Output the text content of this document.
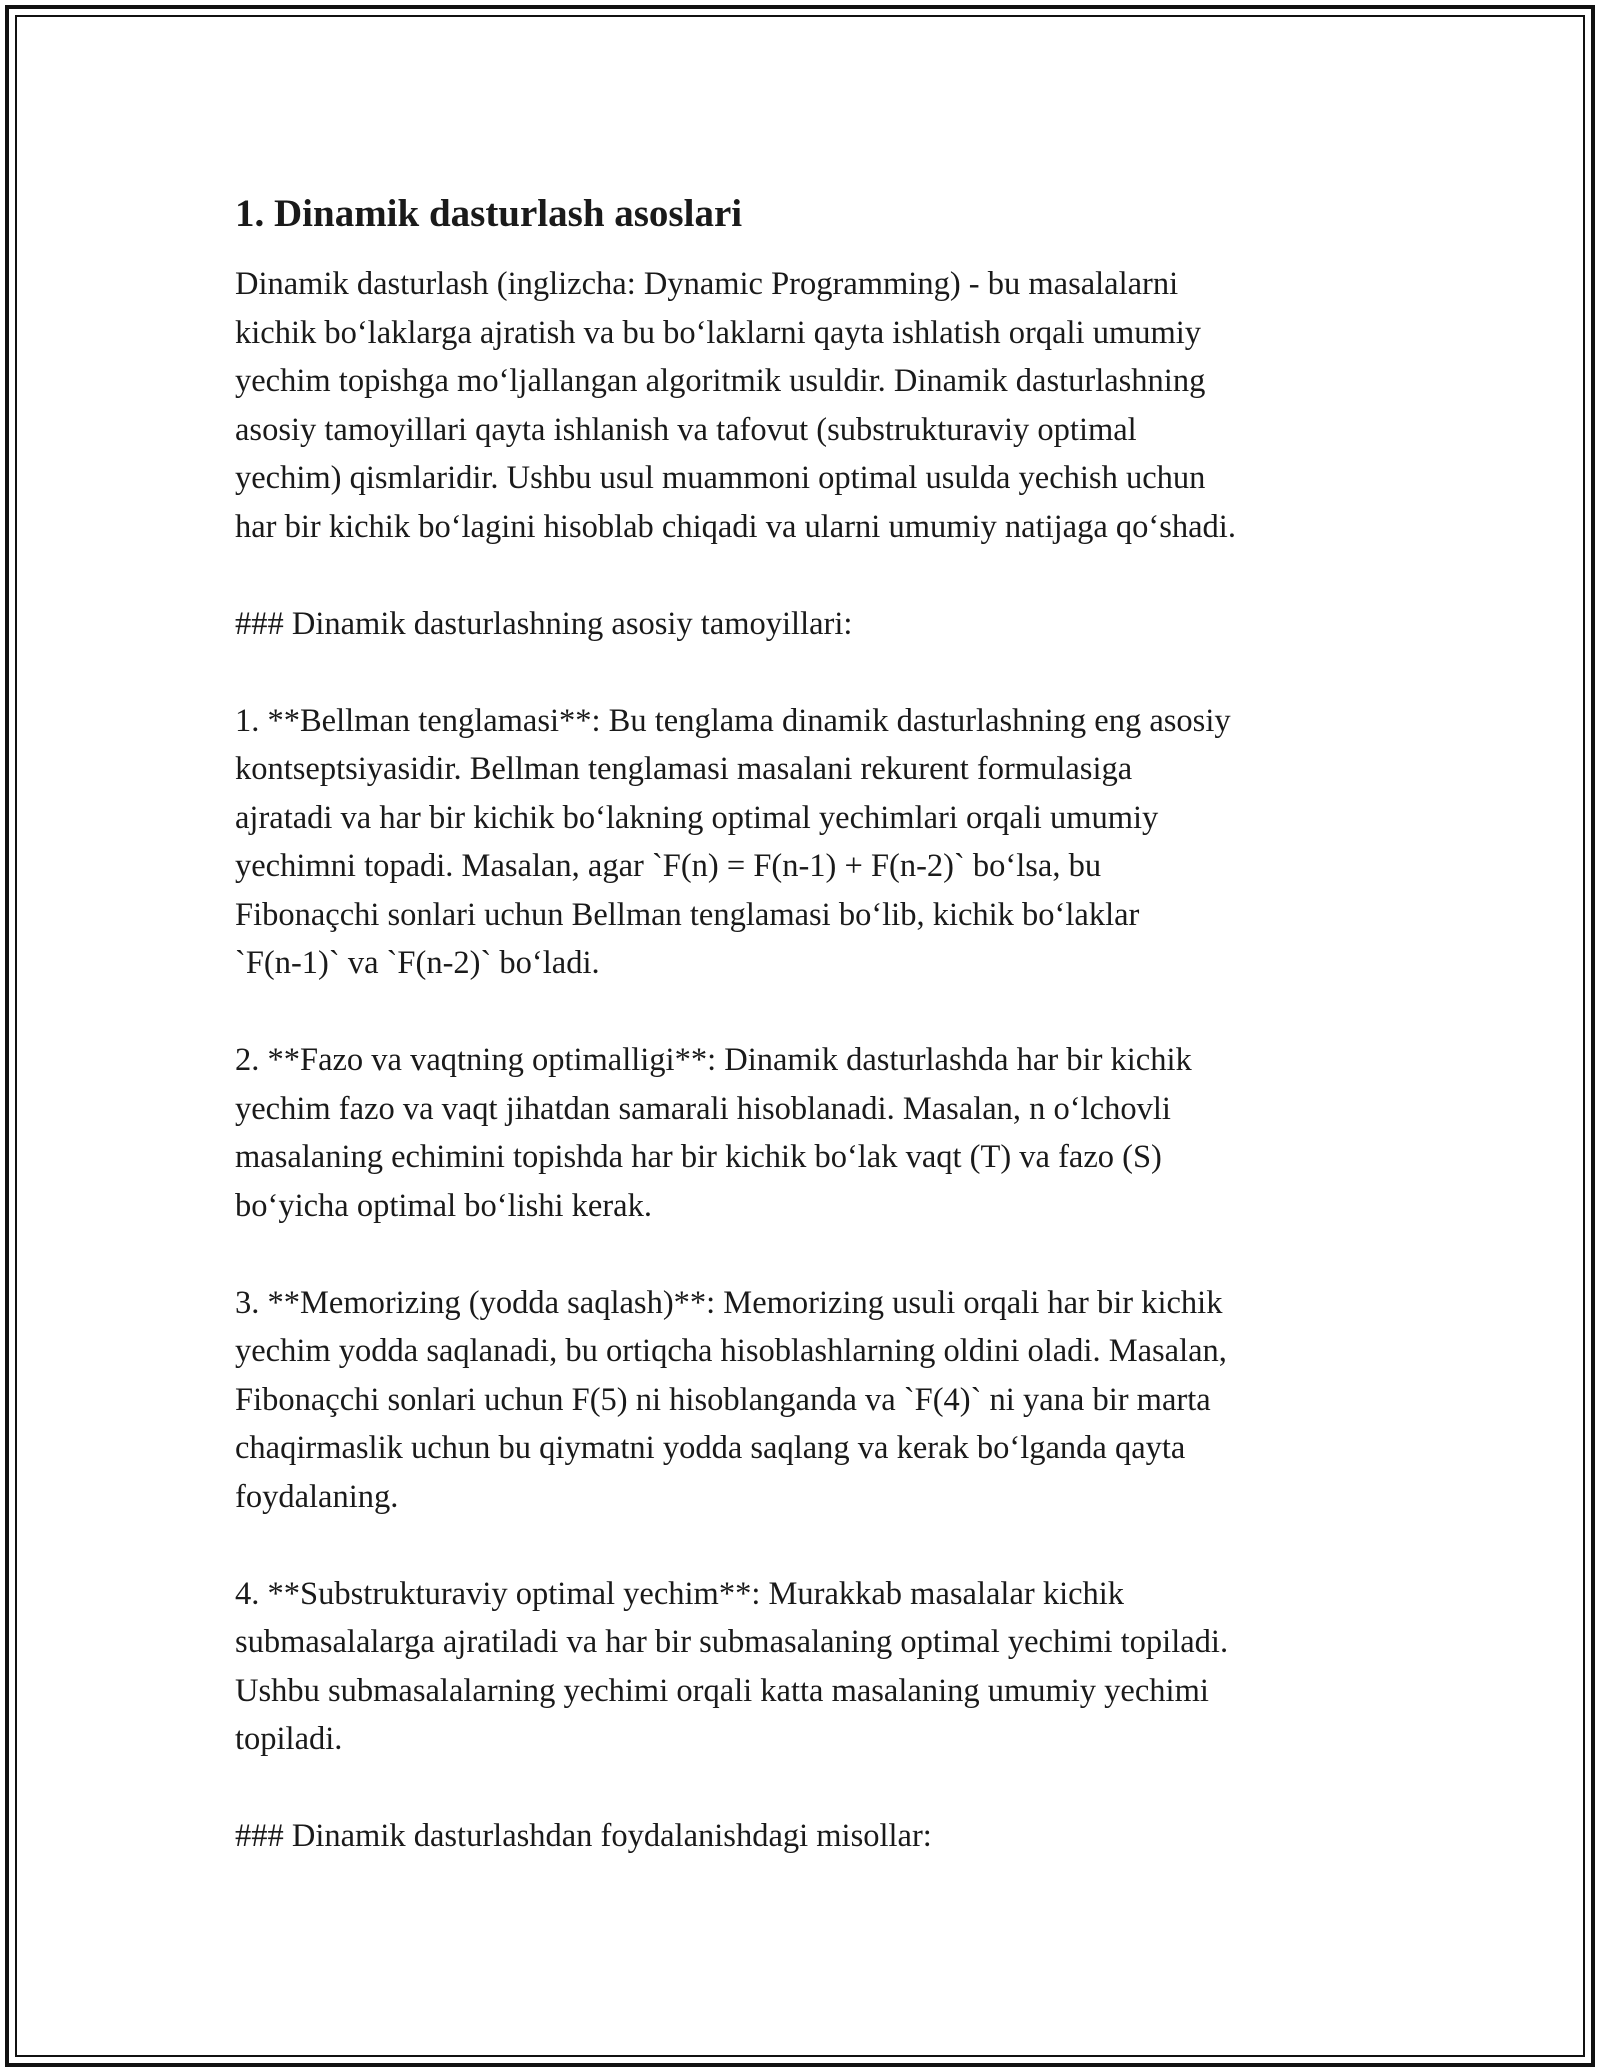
1. Dinamik dasturlash asoslari
Dinamik dasturlash (inglizcha: Dynamic Programming) - bu masalalarni
kichik bo‘laklarga ajratish va bu bo‘laklarni qayta ishlatish orqali umumiy
yechim topishga mo‘ljallangan algoritmik usuldir. Dinamik dasturlashning
asosiy tamoyillari qayta ishlanish va tafovut (substrukturaviy optimal
yechim) qismlaridir. Ushbu usul muammoni optimal usulda yechish uchun
har bir kichik bo‘lagini hisoblab chiqadi va ularni umumiy natijaga qo‘shadi.
### Dinamik dasturlashning asosiy tamoyillari:
1. **Bellman tenglamasi**: Bu tenglama dinamik dasturlashning eng asosiy
kontseptsiyasidir. Bellman tenglamasi masalani rekurent formulasiga
ajratadi va har bir kichik bo‘lakning optimal yechimlari orqali umumiy
yechimni topadi. Masalan, agar `F(n) = F(n-1) + F(n-2)` bo‘lsa, bu
Fibonaçchi sonlari uchun Bellman tenglamasi bo‘lib, kichik bo‘laklar
`F(n-1)` va `F(n-2)` bo‘ladi.
2. **Fazo va vaqtning optimalligi**: Dinamik dasturlashda har bir kichik
yechim fazo va vaqt jihatdan samarali hisoblanadi. Masalan, n o‘lchovli
masalaning echimini topishda har bir kichik bo‘lak vaqt (T) va fazo (S)
bo‘yicha optimal bo‘lishi kerak.
3. **Memorizing (yodda saqlash)**: Memorizing usuli orqali har bir kichik
yechim yodda saqlanadi, bu ortiqcha hisoblashlarning oldini oladi. Masalan,
Fibonaçchi sonlari uchun F(5) ni hisoblanganda va `F(4)` ni yana bir marta
chaqirmaslik uchun bu qiymatni yodda saqlang va kerak bo‘lganda qayta
foydalaning.
4. **Substrukturaviy optimal yechim**: Murakkab masalalar kichik
submasalalarga ajratiladi va har bir submasalaning optimal yechimi topiladi.
Ushbu submasalalarning yechimi orqali katta masalaning umumiy yechimi
topiladi.
### Dinamik dasturlashdan foydalanishdagi misollar:
